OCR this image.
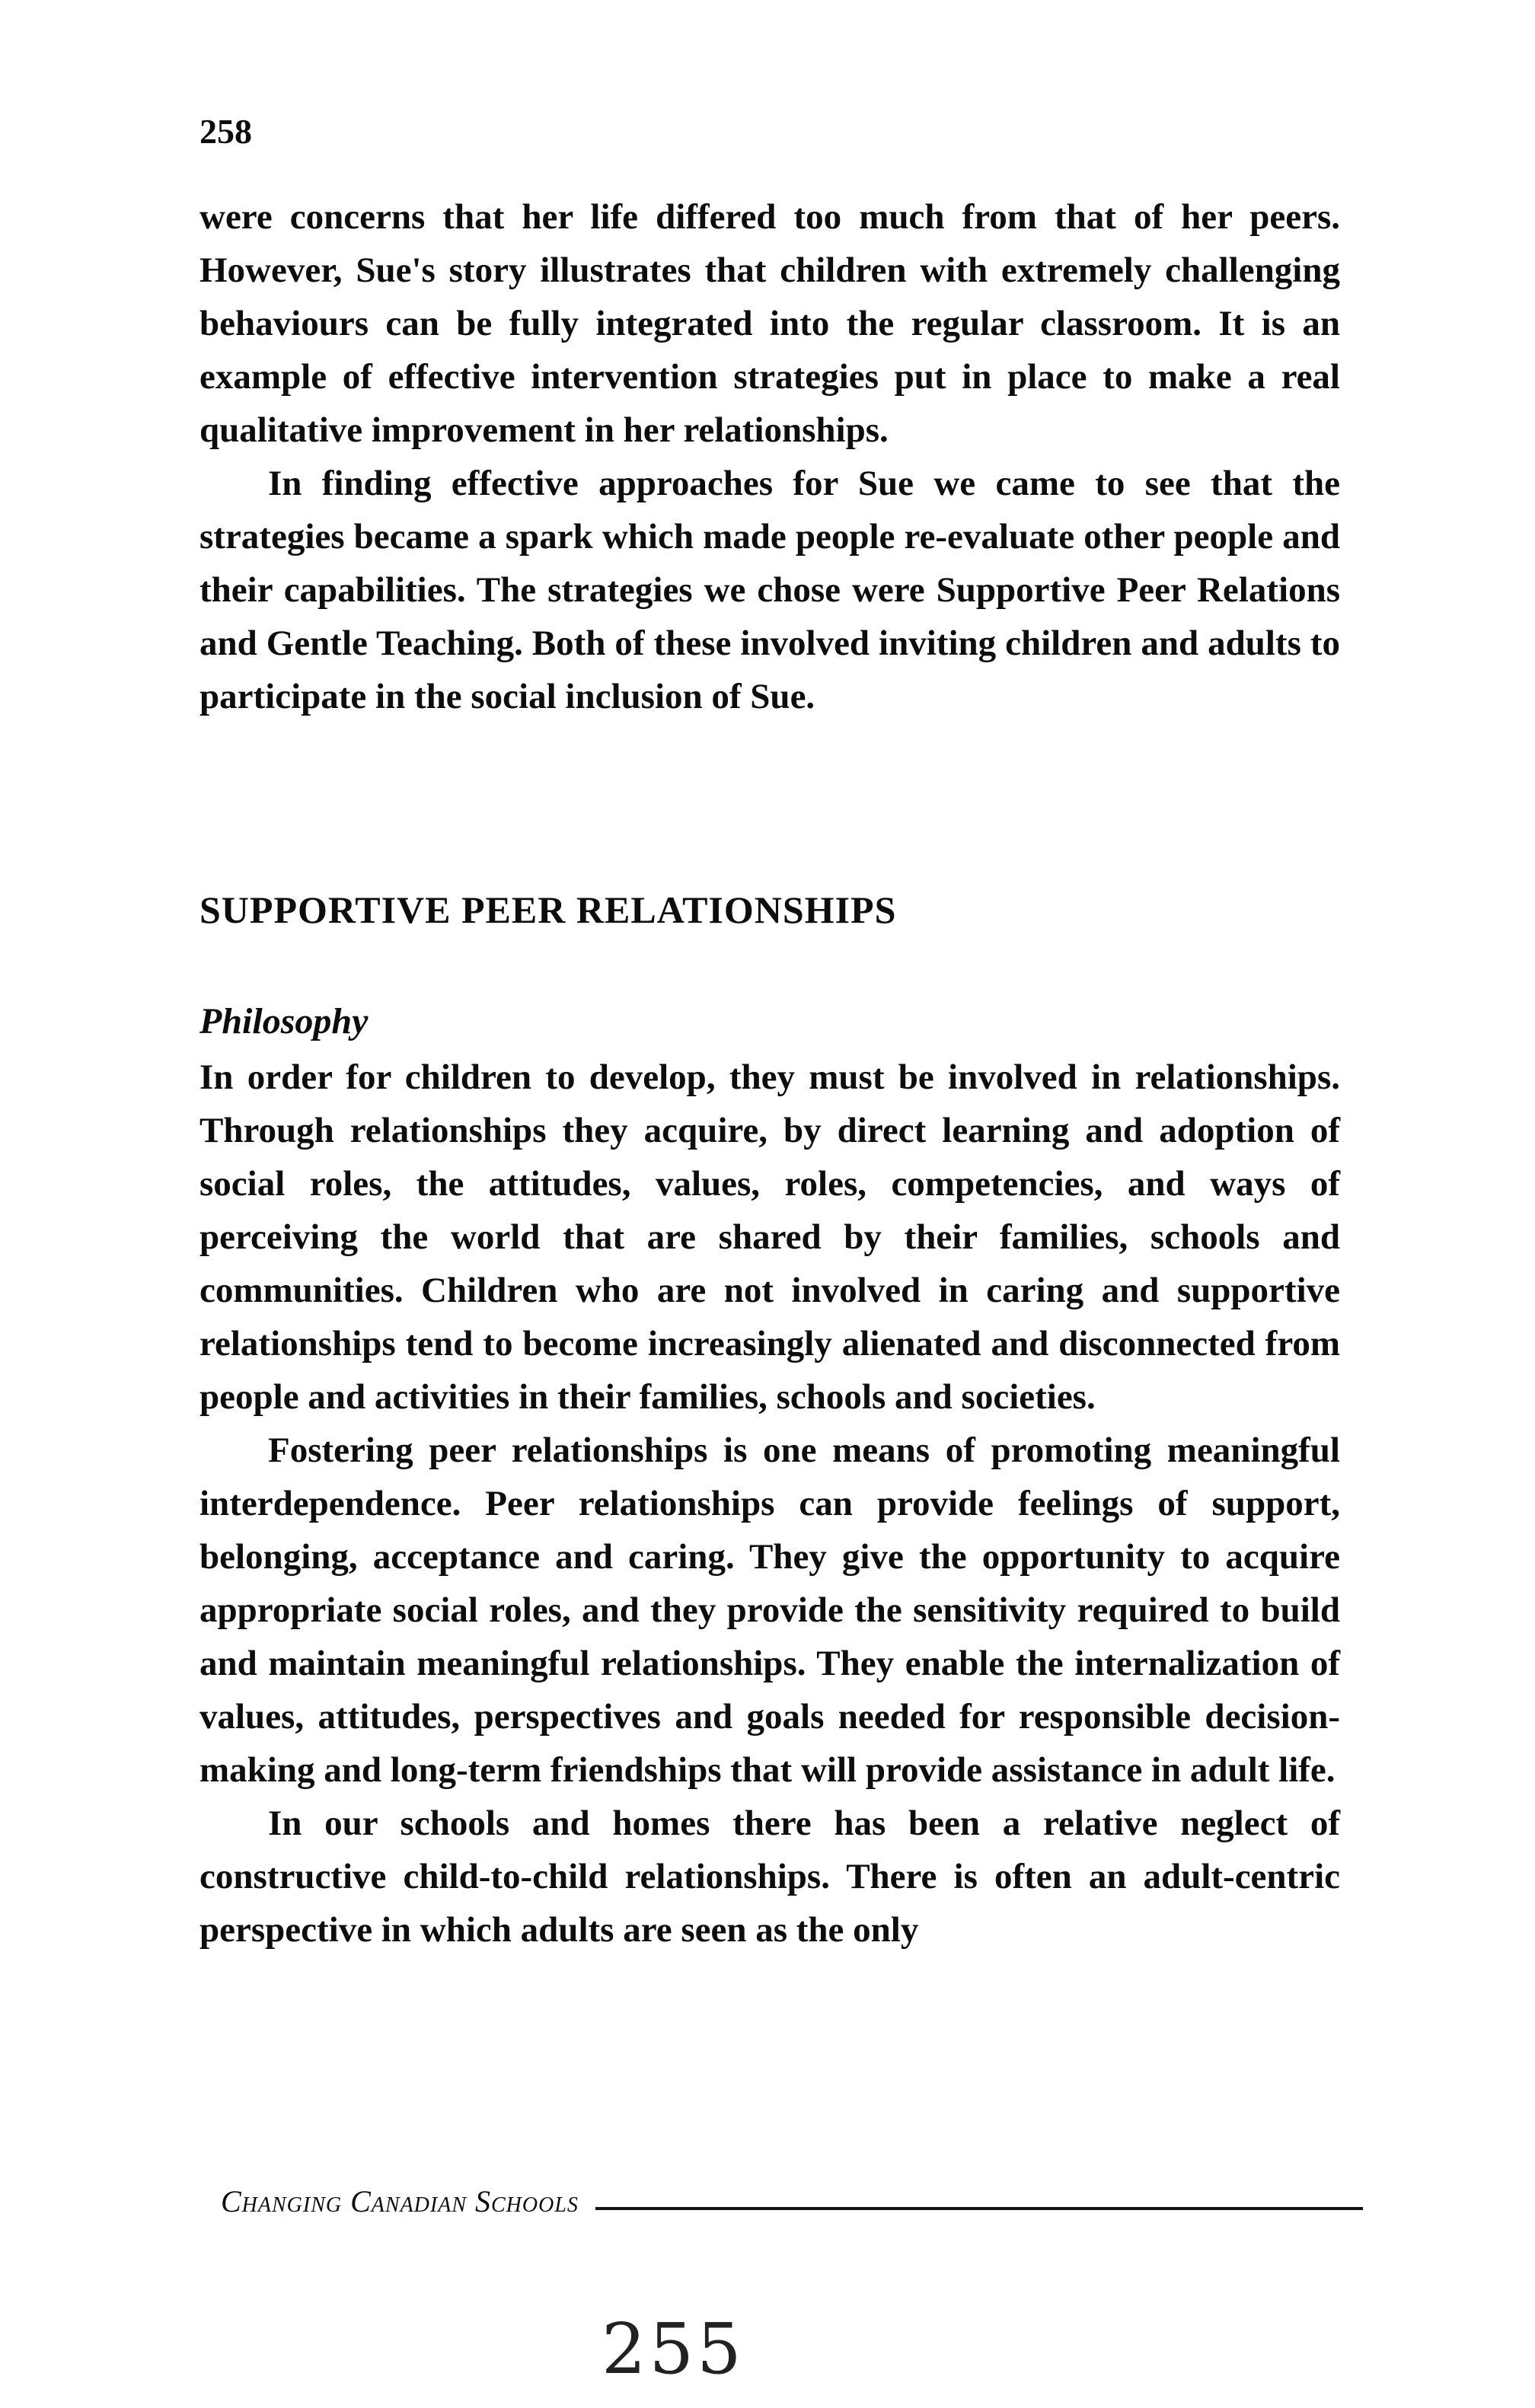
258

were concerns that her life differed too much from that of her peers. However, Sue's story illustrates that children with extremely challenging behaviours can be fully integrated into the regular classroom. It is an example of effective intervention strategies put in place to make a real qualitative improvement in her relationships.

In finding effective approaches for Sue we came to see that the strategies became a spark which made people re-evaluate other people and their capabilities. The strategies we chose were Supportive Peer Relations and Gentle Teaching. Both of these involved inviting children and adults to participate in the social inclusion of Sue.

SUPPORTIVE PEER RELATIONSHIPS
Philosophy

In order for children to develop, they must be involved in relationships. Through relationships they acquire, by direct learning and adoption of social roles, the attitudes, values, roles, competencies, and ways of perceiving the world that are shared by their families, schools and communities. Children who are not involved in caring and supportive relationships tend to become increasingly alienated and disconnected from people and activities in their families, schools and societies.

Fostering peer relationships is one means of promoting meaningful interdependence. Peer relationships can provide feelings of support, belonging, acceptance and caring. They give the opportunity to acquire appropriate social roles, and they provide the sensitivity required to build and maintain meaningful relationships. They enable the internalization of values, attitudes, perspectives and goals needed for responsible decision-making and long-term friendships that will provide assistance in adult life.

In our schools and homes there has been a relative neglect of constructive child-to-child relationships. There is often an adult-centric perspective in which adults are seen as the only

Changing Canadian Schools
255
